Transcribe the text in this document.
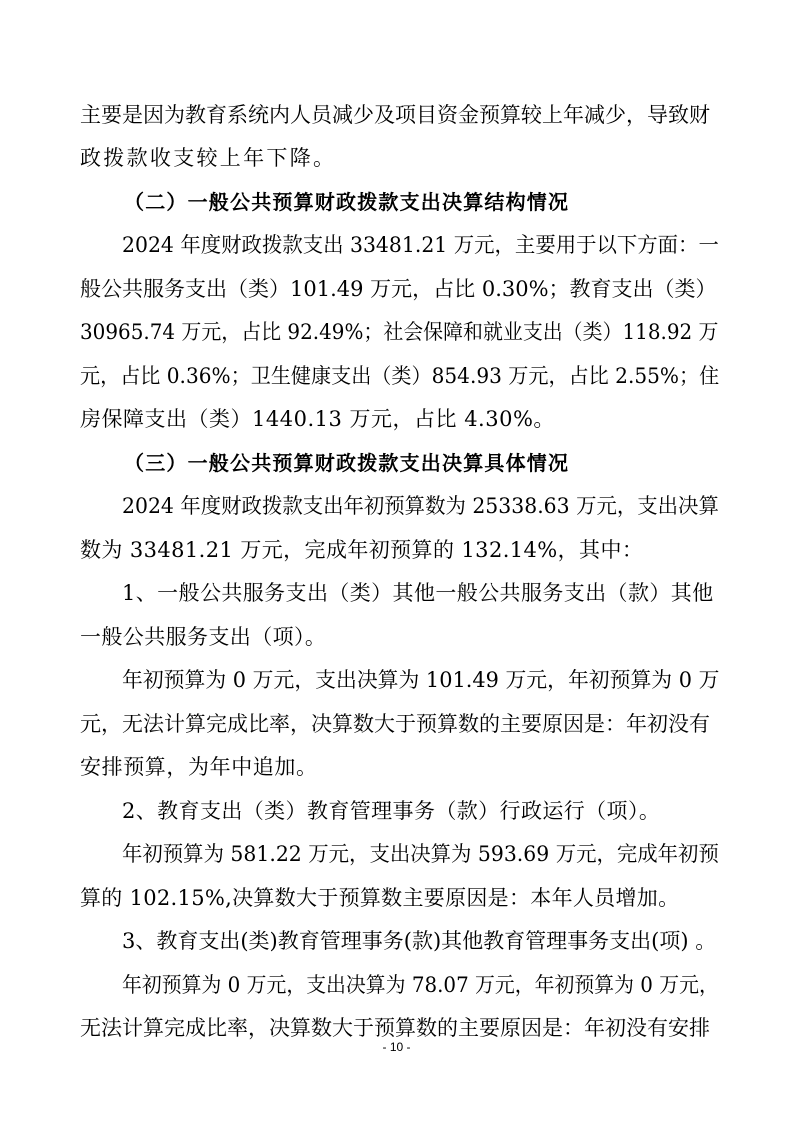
主要是因为教育系统内人员减少及项目资金预算较上年减少，导致财

政拨款收支较上年下降。

（二）一般公共预算财政拨款支出决算结构情况

2024 年度财政拨款支出 33481.21 万元，主要用于以下方面：一

般公共服务支出（类）101.49 万元，占比 0.30%；教育支出（类）

30965.74 万元，占比 92.49%；社会保障和就业支出（类）118.92 万

元，占比 0.36%；卫生健康支出（类）854.93 万元，占比 2.55%；住

房保障支出（类）1440.13 万元，占比 4.30%。

（三）一般公共预算财政拨款支出决算具体情况

2024 年度财政拨款支出年初预算数为 25338.63 万元，支出决算

数为 33481.21 万元，完成年初预算的 132.14%，其中：

1、一般公共服务支出（类）其他一般公共服务支出（款）其他

一般公共服务支出（项）。

年初预算为 0 万元，支出决算为 101.49 万元，年初预算为 0 万

元，无法计算完成比率，决算数大于预算数的主要原因是：年初没有

安排预算，为年中追加。

2、教育支出（类）教育管理事务（款）行政运行（项）。

年初预算为 581.22 万元，支出决算为 593.69 万元，完成年初预

算的 102.15%,决算数大于预算数主要原因是：本年人员增加。

3、教育支出(类)教育管理事务(款)其他教育管理事务支出(项) 。

年初预算为 0 万元，支出决算为 78.07 万元，年初预算为 0 万元，

无法计算完成比率，决算数大于预算数的主要原因是：年初没有安排

- 10 -
